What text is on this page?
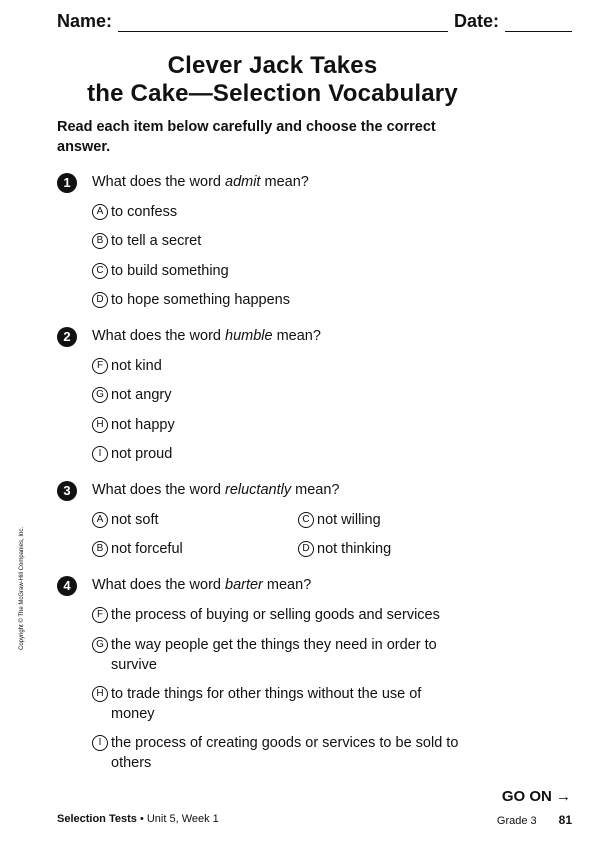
Name:	Date:
Clever Jack Takes
the Cake—Selection Vocabulary
Read each item below carefully and choose the correct answer.
1	What does the word admit mean?
A to confess
B to tell a secret
C to build something
D to hope something happens
2	What does the word humble mean?
F not kind
G not angry
H not happy
I not proud
3	What does the word reluctantly mean?
A not soft
B not forceful
C not willing
D not thinking
4	What does the word barter mean?
F the process of buying or selling goods and services
G the way people get the things they need in order to survive
H to trade things for other things without the use of money
I the process of creating goods or services to be sold to others
Copyright © The McGraw-Hill Companies, Inc.
GO ON →
Selection Tests • Unit 5, Week 1	Grade 3 81
